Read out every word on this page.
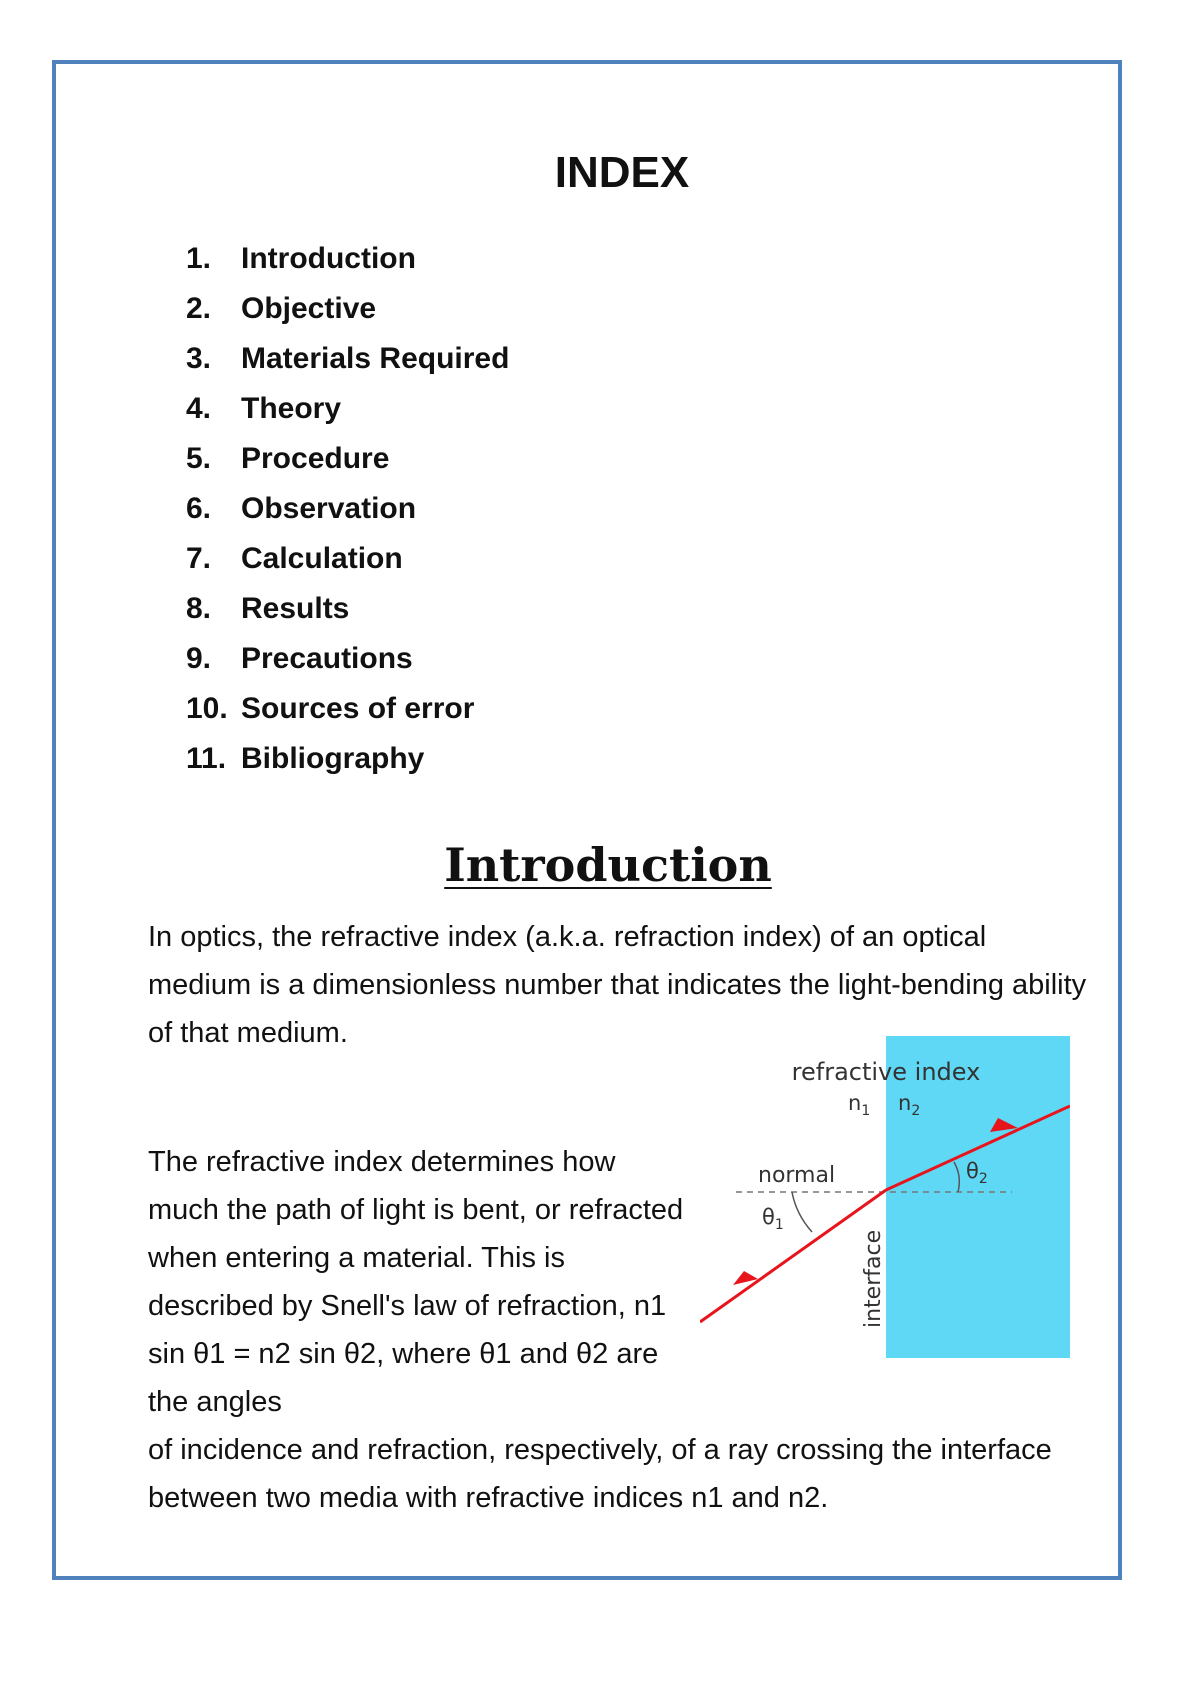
INDEX
1. Introduction
2. Objective
3. Materials Required
4. Theory
5. Procedure
6. Observation
7. Calculation
8. Results
9. Precautions
10. Sources of error
11. Bibliography
Introduction

In optics, the refractive index (a.k.a. refraction index) of an optical medium is a dimensionless number that indicates the light-bending ability of that medium.

The refractive index determines how much the path of light is bent, or refracted when entering a material. This is described by Snell's law of refraction, n1 sin θ1 = n2 sin θ2, where θ1 and θ2 are the angles

of incidence and refraction, respectively, of a ray crossing the interface between two media with refractive indices n1 and n2.

refractive index
$n_1$ $n_2$
normal
$\theta_1$
$\theta_2$
interface
